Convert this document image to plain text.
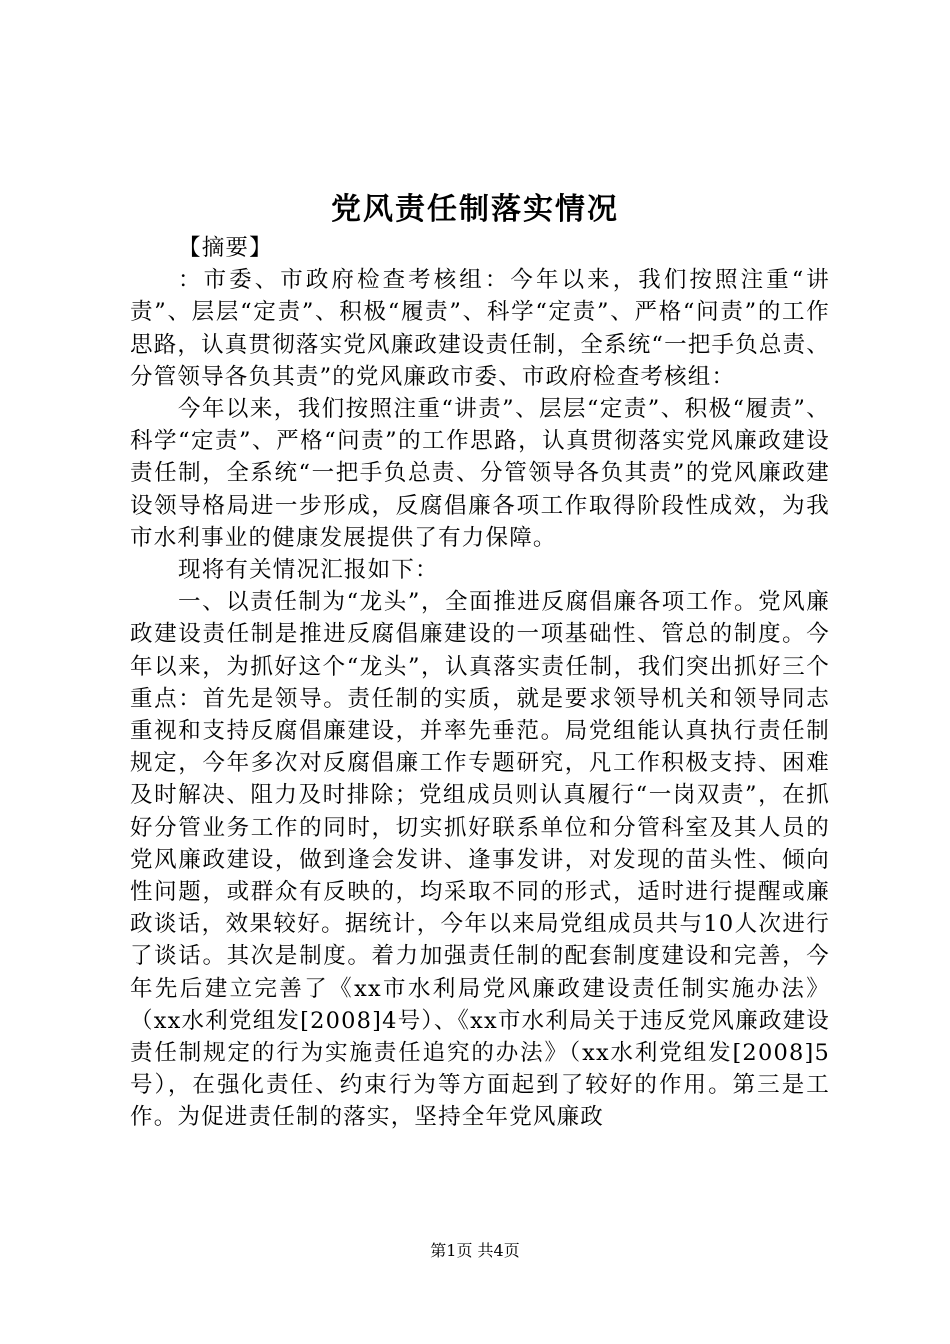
党风责任制落实情况

【摘要】

：市委、市政府检查考核组：今年以来，我们按照注重“讲责”、层层“定责”、积极“履责”、科学“定责”、严格“问责”的工作思路，认真贯彻落实党风廉政建设责任制，全系统“一把手负总责、分管领导各负其责”的党风廉政市委、市政府检查考核组：

今年以来，我们按照注重“讲责”、层层“定责”、积极“履责”、科学“定责”、严格“问责”的工作思路，认真贯彻落实党风廉政建设责任制，全系统“一把手负总责、分管领导各负其责”的党风廉政建设领导格局进一步形成，反腐倡廉各项工作取得阶段性成效，为我市水利事业的健康发展提供了有力保障。

现将有关情况汇报如下：

一、以责任制为“龙头”，全面推进反腐倡廉各项工作。党风廉政建设责任制是推进反腐倡廉建设的一项基础性、管总的制度。今年以来，为抓好这个“龙头”，认真落实责任制，我们突出抓好三个重点：首先是领导。责任制的实质，就是要求领导机关和领导同志重视和支持反腐倡廉建设，并率先垂范。局党组能认真执行责任制规定，今年多次对反腐倡廉工作专题研究，凡工作积极支持、困难及时解决、阻力及时排除；党组成员则认真履行“一岗双责”，在抓好分管业务工作的同时，切实抓好联系单位和分管科室及其人员的党风廉政建设，做到逢会发讲、逢事发讲，对发现的苗头性、倾向性问题，或群众有反映的，均采取不同的形式，适时进行提醒或廉政谈话，效果较好。据统计，今年以来局党组成员共与10人次进行了谈话。其次是制度。着力加强责任制的配套制度建设和完善，今年先后建立完善了《xx市水利局党风廉政建设责任制实施办法》（xx水利党组发[2008]4号）、《xx市水利局关于违反党风廉政建设责任制规定的行为实施责任追究的办法》（xx水利党组发[2008]5号），在强化责任、约束行为等方面起到了较好的作用。第三是工作。为促进责任制的落实，坚持全年党风廉政

第1页 共4页
